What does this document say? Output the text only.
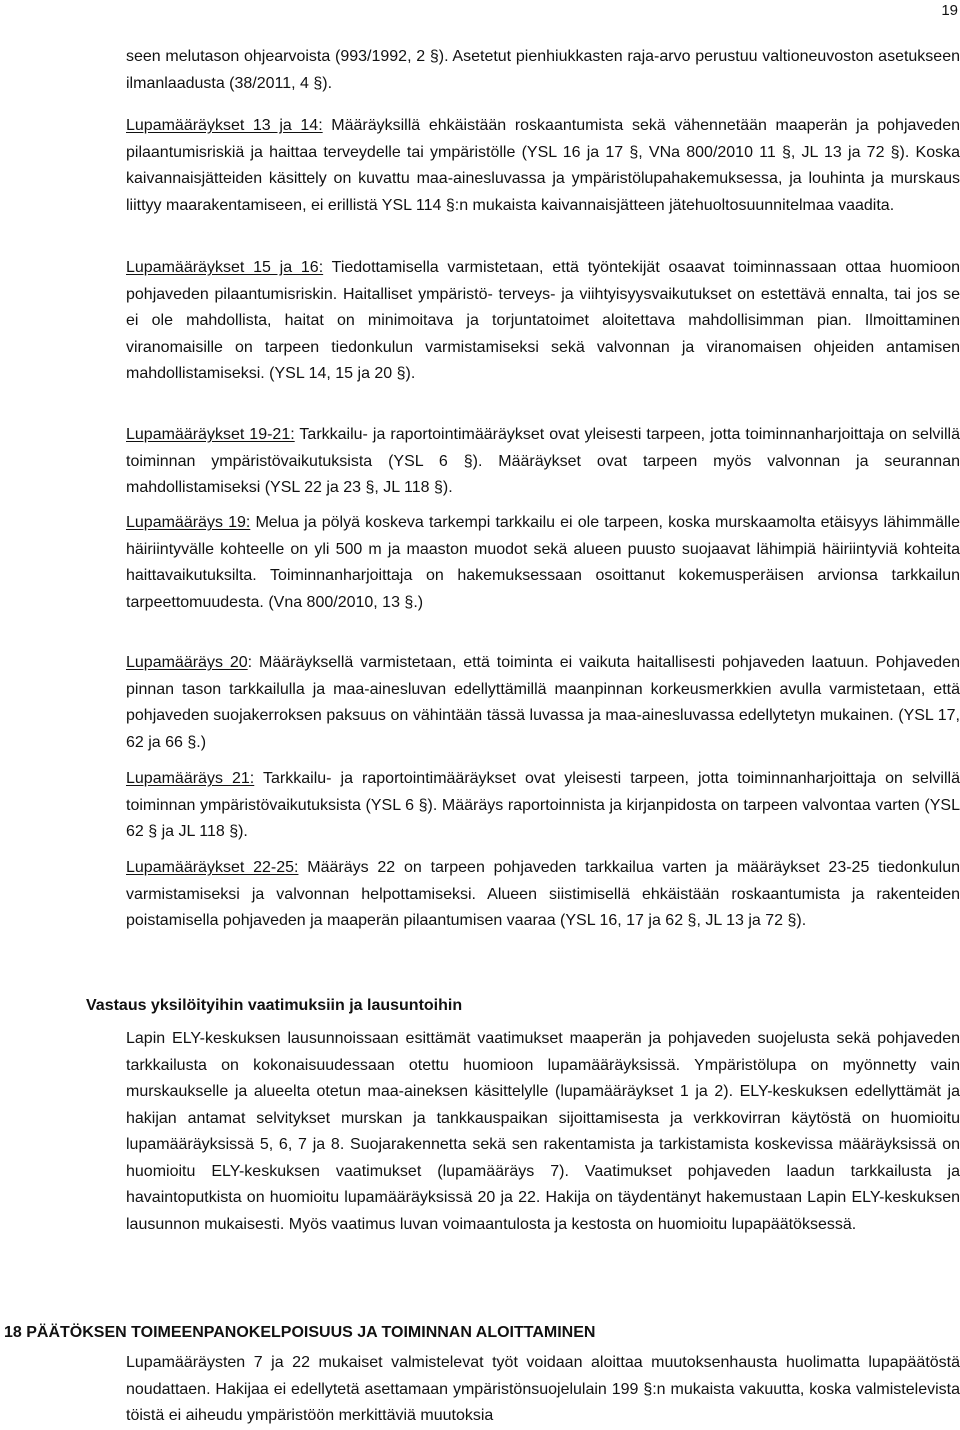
19

seen melutason ohjearvoista (993/1992, 2 §). Asetetut pienhiukkasten raja-arvo perustuu valtioneuvoston asetukseen ilmanlaadusta (38/2011, 4 §).

Lupamääräykset 13 ja 14: Määräyksillä ehkäistään roskaantumista sekä vähennetään maaperän ja pohjaveden pilaantumisriskiä ja haittaa terveydelle tai ympäristölle (YSL 16 ja 17 §, VNa 800/2010 11 §, JL 13 ja 72 §). Koska kaivannaisjätteiden käsittely on kuvattu maa-ainesluvassa ja ympäristölupahakemuksessa, ja louhinta ja murskaus liittyy maarakentamiseen, ei erillistä YSL 114 §:n mukaista kaivannaisjätteen jätehuoltosuunnitelmaa vaadita.

Lupamääräykset 15 ja 16: Tiedottamisella varmistetaan, että työntekijät osaavat toiminnassaan ottaa huomioon pohjaveden pilaantumisriskin. Haitalliset ympäristö- terveys- ja viihtyisyysvaikutukset on estettävä ennalta, tai jos se ei ole mahdollista, haitat on minimoitava ja torjuntatoimet aloitettava mahdollisimman pian. Ilmoittaminen viranomaisille on tarpeen tiedonkulun varmistamiseksi sekä valvonnan ja viranomaisen ohjeiden antamisen mahdollistamiseksi. (YSL 14, 15 ja 20 §).

Lupamääräykset 19-21: Tarkkailu- ja raportointimääräykset ovat yleisesti tarpeen, jotta toiminnanharjoittaja on selvillä toiminnan ympäristövaikutuksista (YSL 6 §). Määräykset ovat tarpeen myös valvonnan ja seurannan mahdollistamiseksi (YSL 22 ja 23 §, JL 118 §).

Lupamääräys 19: Melua ja pölyä koskeva tarkempi tarkkailu ei ole tarpeen, koska murskaamolta etäisyys lähimmälle häiriintyvälle kohteelle on yli 500 m ja maaston muodot sekä alueen puusto suojaavat lähimpiä häiriintyviä kohteita haittavaikutuksilta. Toiminnanharjoittaja on hakemuksessaan osoittanut kokemusperäisen arvionsa tarkkailun tarpeettomuudesta. (Vna 800/2010, 13 §.)

Lupamääräys 20: Määräyksellä varmistetaan, että toiminta ei vaikuta haitallisesti pohjaveden laatuun. Pohjaveden pinnan tason tarkkailulla ja maa-ainesluvan edellyttämillä maanpinnan korkeusmerkkien avulla varmistetaan, että pohjaveden suojakerroksen paksuus on vähintään tässä luvassa ja maa-ainesluvassa edellytetyn mukainen. (YSL 17, 62 ja 66 §.)

Lupamääräys 21: Tarkkailu- ja raportointimääräykset ovat yleisesti tarpeen, jotta toiminnanharjoittaja on selvillä toiminnan ympäristövaikutuksista (YSL 6 §). Määräys raportoinnista ja kirjanpidosta on tarpeen valvontaa varten (YSL 62 § ja JL 118 §).

Lupamääräykset 22-25: Määräys 22 on tarpeen pohjaveden tarkkailua varten ja määräykset 23-25 tiedonkulun varmistamiseksi ja valvonnan helpottamiseksi. Alueen siistimisellä ehkäistään roskaantumista ja rakenteiden poistamisella pohjaveden ja maaperän pilaantumisen vaaraa (YSL 16, 17 ja 62 §, JL 13 ja 72 §).

Vastaus yksilöityihin vaatimuksiin ja lausuntoihin

Lapin ELY-keskuksen lausunnoissaan esittämät vaatimukset maaperän ja pohjaveden suojelusta sekä pohjaveden tarkkailusta on kokonaisuudessaan otettu huomioon lupamääräyksissä. Ympäristölupa on myönnetty vain murskaukselle ja alueelta otetun maa-aineksen käsittelylle (lupamääräykset 1 ja 2). ELY-keskuksen edellyttämät ja hakijan antamat selvitykset murskan ja tankkauspaikan sijoittamisesta ja verkkovirran käytöstä on huomioitu lupamääräyksissä 5, 6, 7 ja 8. Suojarakennetta sekä sen rakentamista ja tarkistamista koskevissa määräyksissä on huomioitu ELY-keskuksen vaatimukset (lupamääräys 7). Vaatimukset pohjaveden laadun tarkkailusta ja havaintoputkista on huomioitu lupamääräyksissä 20 ja 22. Hakija on täydentänyt hakemustaan Lapin ELY-keskuksen lausunnon mukaisesti. Myös vaatimus luvan voimaantulosta ja kestosta on huomioitu lupapäätöksessä.

18 PÄÄTÖKSEN TOIMEENPANOKELPOISUUS JA TOIMINNAN ALOITTAMINEN

Lupamääräysten 7 ja 22 mukaiset valmistelevat työt voidaan aloittaa muutoksenhausta huolimatta lupapäätöstä noudattaen. Hakijaa ei edellytetä asettamaan ympäristönsuojelulain 199 §:n mukaista vakuutta, koska valmistelevista töistä ei aiheudu ympäristöön merkittäviä muutoksia
